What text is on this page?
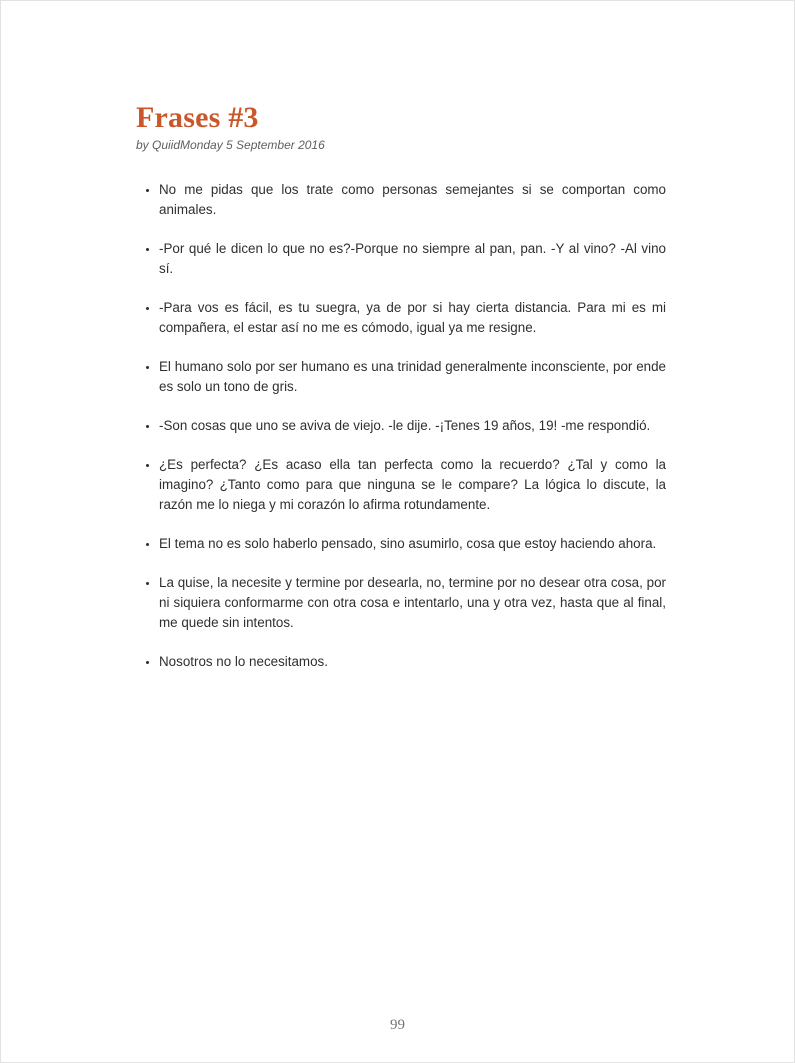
Frases #3
by QuiidMonday 5 September 2016
• No me pidas que los trate como personas semejantes si se comportan como animales.
• -Por qué le dicen lo que no es?-Porque no siempre al pan, pan. -Y al vino? -Al vino sí.
• -Para vos es fácil, es tu suegra, ya de por si hay cierta distancia. Para mi es mi compañera, el estar así no me es cómodo, igual ya me resigne.
• El humano solo por ser humano es una trinidad generalmente inconsciente, por ende es solo un tono de gris.
• -Son cosas que uno se aviva de viejo. -le dije. -¡Tenes 19 años, 19! -me respondió.
• ¿Es perfecta? ¿Es acaso ella tan perfecta como la recuerdo? ¿Tal y como la imagino? ¿Tanto como para que ninguna se le compare? La lógica lo discute, la razón me lo niega y mi corazón lo afirma rotundamente.
• El tema no es solo haberlo pensado, sino asumirlo, cosa que estoy haciendo ahora.
• La quise, la necesite y termine por desearla, no, termine por no desear otra cosa, por ni siquiera conformarme con otra cosa e intentarlo, una y otra vez, hasta que al final, me quede sin intentos.
• Nosotros no lo necesitamos.
99
